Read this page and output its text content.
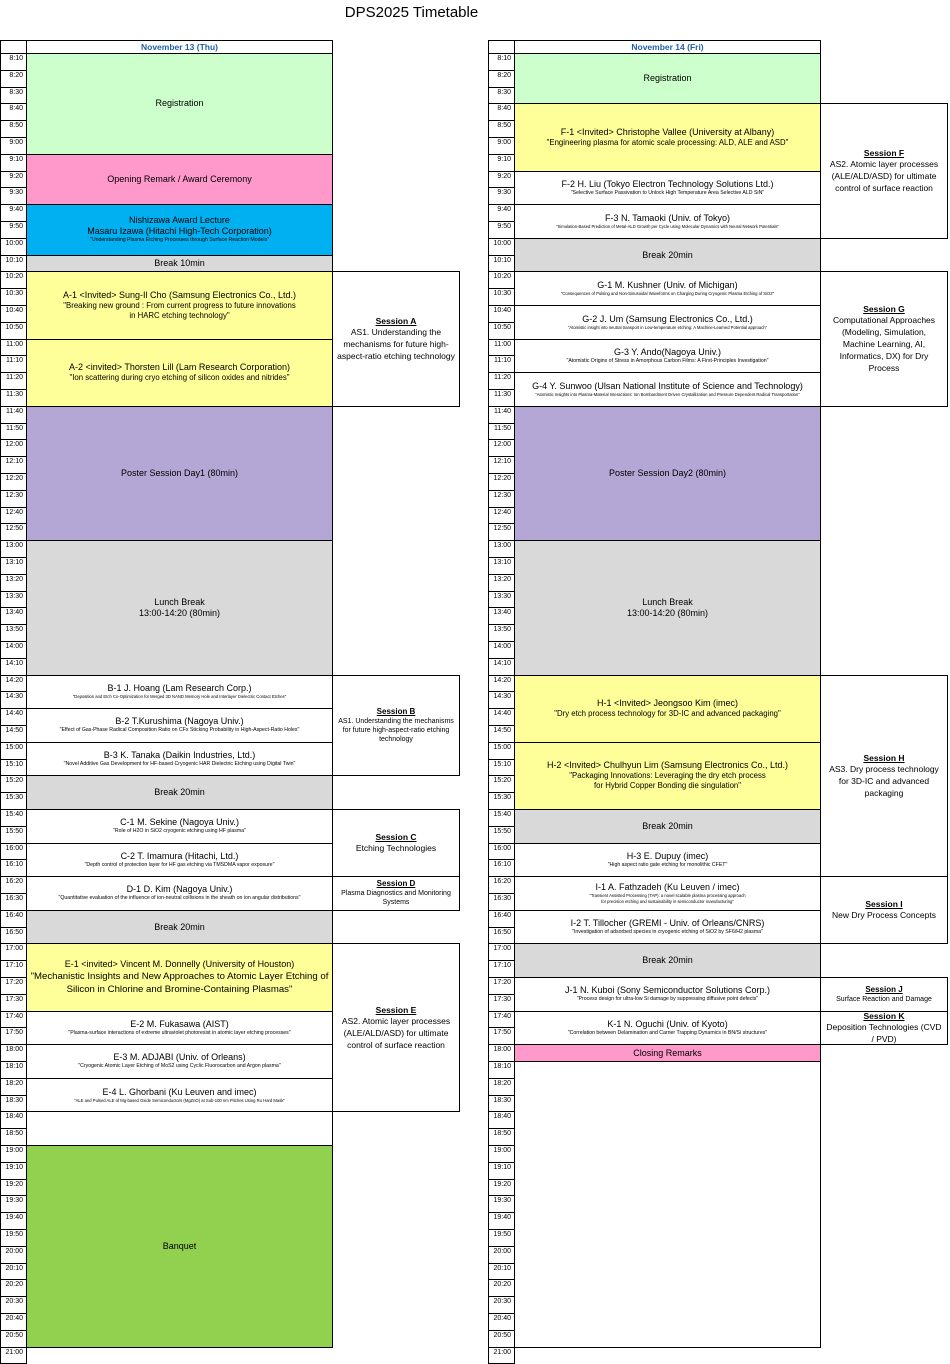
DPS2025 Timetable
November 13 (Thu)
8:10
8:20
8:30
8:40
8:50
9:00
9:10
9:20
9:30
9:40
9:50
10:00
10:10
10:20
10:30
10:40
10:50
11:00
11:10
11:20
11:30
11:40
11:50
12:00
12:10
12:20
12:30
12:40
12:50
13:00
13:10
13:20
13:30
13:40
13:50
14:00
14:10
14:20
14:30
14:40
14:50
15:00
15:10
15:20
15:30
15:40
15:50
16:00
16:10
16:20
16:30
16:40
16:50
17:00
17:10
17:20
17:30
17:40
17:50
18:00
18:10
18:20
18:30
18:40
18:50
19:00
19:10
19:20
19:30
19:40
19:50
20:00
20:10
20:20
20:30
20:40
20:50
21:00
Registration
Opening Remark / Award Ceremony
Nishizawa Award Lecture
Masaru Izawa (Hitachi High-Tech Corporation)
"Understanding Plasma Etching Processes through Surface Reaction Models"
Break 10min
A-1 <Invited> Sung-Il Cho (Samsung Electronics Co., Ltd.)
"Breaking new ground : From current progress to future innovations
in HARC etching technology"
A-2 <invited> Thorsten Lill (Lam Research Corporation)
"Ion scattering during cryo etching of silicon oxides and nitrides"
Poster Session Day1 (80min)
Lunch Break
13:00-14:20 (80min)
B-1 J. Hoang (Lam Research Corp.)
"Deposition and Etch Co-Optimization for Merged 3D NAND Memory Hole and Interlayer Dielectric Contact Etches"
B-2 T.Kurushima (Nagoya Univ.)
"Effect of Gas-Phase Radical Composition Ratio on CFx Sticking Probability in High-Aspect-Ratio Holes"
B-3 K. Tanaka (Daikin Industries, Ltd.)
"Novel Additive Gas Development for HF-based Cryogenic HAR Dielectric Etching using Digital Twin"
Break 20min
C-1 M. Sekine (Nagoya Univ.)
"Role of H2O in SiO2 cryogenic etching using HF plasma"
C-2 T. Imamura (Hitachi, Ltd.)
"Depth control of protection layer for HF gas etching via TMSDMA vapor exposure"
D-1 D. Kim (Nagoya Univ.)
"Quantitative evaluation of the influence of ion-neutral collisions in the sheath on ion angular distributions"
Break 20min
E-1 <invited> Vincent M. Donnelly (University of Houston)
"Mechanistic Insights and New Approaches to Atomic Layer Etching of
Silicon in Chlorine and Bromine-Containing Plasmas"
E-2 M. Fukasawa (AIST)
"Plasma-surface interactions of extreme ultraviolet photoresist in atomic layer etching processes"
E-3 M. ADJABI (Univ. of Orleans)
"Cryogenic Atomic Layer Etching of MoS2 using Cyclic Fluorocarbon and Argon plasma"
E-4 L. Ghorbani (Ku Leuven and imec)
"ALE and Pulsed ALE of Mg-based Oxide Semiconductors (MgZnO) at Sub-100 nm Pitches Using Ru Hard Mask"
Banquet
Session A
AS1. Understanding the mechanisms for future high-aspect-ratio etching technology
Session B
AS1. Understanding the mechanisms for future high-aspect-ratio etching technology
Session C
Etching Technologies
Session D
Plasma Diagnostics and Monitoring Systems
Session E
AS2. Atomic layer processes (ALE/ALD/ASD) for ultimate control of surface reaction
November 14 (Fri)
8:10
8:20
8:30
8:40
8:50
9:00
9:10
9:20
9:30
9:40
9:50
10:00
10:10
10:20
10:30
10:40
10:50
11:00
11:10
11:20
11:30
11:40
11:50
12:00
12:10
12:20
12:30
12:40
12:50
13:00
13:10
13:20
13:30
13:40
13:50
14:00
14:10
14:20
14:30
14:40
14:50
15:00
15:10
15:20
15:30
15:40
15:50
16:00
16:10
16:20
16:30
16:40
16:50
17:00
17:10
17:20
17:30
17:40
17:50
18:00
18:10
18:20
18:30
18:40
18:50
19:00
19:10
19:20
19:30
19:40
19:50
20:00
20:10
20:20
20:30
20:40
20:50
21:00
Registration
F-1 <Invited> Christophe Vallee (University at Albany)
"Engineering plasma for atomic scale processing: ALD, ALE and ASD"
F-2 H. Liu (Tokyo Electron Technology Solutions Ltd.)
"Selective Surface Passivation to Unlock High Temperature Area Selective ALD SiN"
F-3 N. Tamaoki (Univ. of Tokyo)
"Simulation-Based Prediction of Metal-ALD Growth per Cycle using Molecular Dynamics with Neural Network Potentials"
Break 20min
G-1 M. Kushner (Univ. of Michigan)
"Consequences of Pulsing and Non-Sinusoidal Waveforms on Charging During Cryogenic Plasma Etching of SiO2"
G-2 J. Um (Samsung Electronics Co., Ltd.)
"Atomistic insight into neutral transport in Low-temperature etching: A Machine-Learned Potential approach"
G-3 Y. Ando(Nagoya Univ.)
"Atomistic Origins of Stress in Amorphous Carbon Films: A First-Principles Investigation"
G-4 Y. Sunwoo (Ulsan National Institute of Science and Technology)
"Atomistic Insights into Plasma-Material Interactions: Ion Bombardment Driven Crystallization and Pressure Dependent Radical Transportation"
Poster Session Day2 (80min)
Lunch Break
13:00-14:20 (80min)
H-1 <Invited> Jeongsoo Kim (imec)
"Dry etch process technology for 3D-IC and advanced packaging"
H-2 <Invited> Chulhyun Lim (Samsung Electronics Co., Ltd.)
"Packaging Innovations: Leveraging the dry etch process
for Hybrid Copper Bonding die singulation"
Break 20min
H-3 E. Dupuy (imec)
"High aspect ratio gate etching for monolithic CFET"
I-1 A. Fathzadeh (Ku Leuven / imec)
"Transient Assisted Processing (TAP): a novel scalable plasma processing approach
for precision etching and sustainability in semiconductor manufacturing"
I-2 T. Tillocher (GREMI - Univ. of Orleans/CNRS)
"Investigation of adsorbed species in cryogenic etching of SiO2 by SF6/H2 plasma"
Break 20min
J-1 N. Kuboi (Sony Semiconductor Solutions Corp.)
"Process design for ultra-low Si damage by suppressing diffusive point defects"
K-1 N. Oguchi (Univ. of Kyoto)
"Correlation between Delamination and Carrier Trapping Dynamics in BN/Si structures"
Closing Remarks
Session F
AS2. Atomic layer processes (ALE/ALD/ASD) for ultimate control of surface reaction
Session G
Computational Approaches (Modeling, Simulation, Machine Learning, AI, Informatics, DX) for Dry Process
Session H
AS3. Dry process technology for 3D-IC and advanced packaging
Session I
New Dry Process Concepts
Session J
Surface Reaction and Damage
Session K
Deposition Technologies (CVD / PVD)
